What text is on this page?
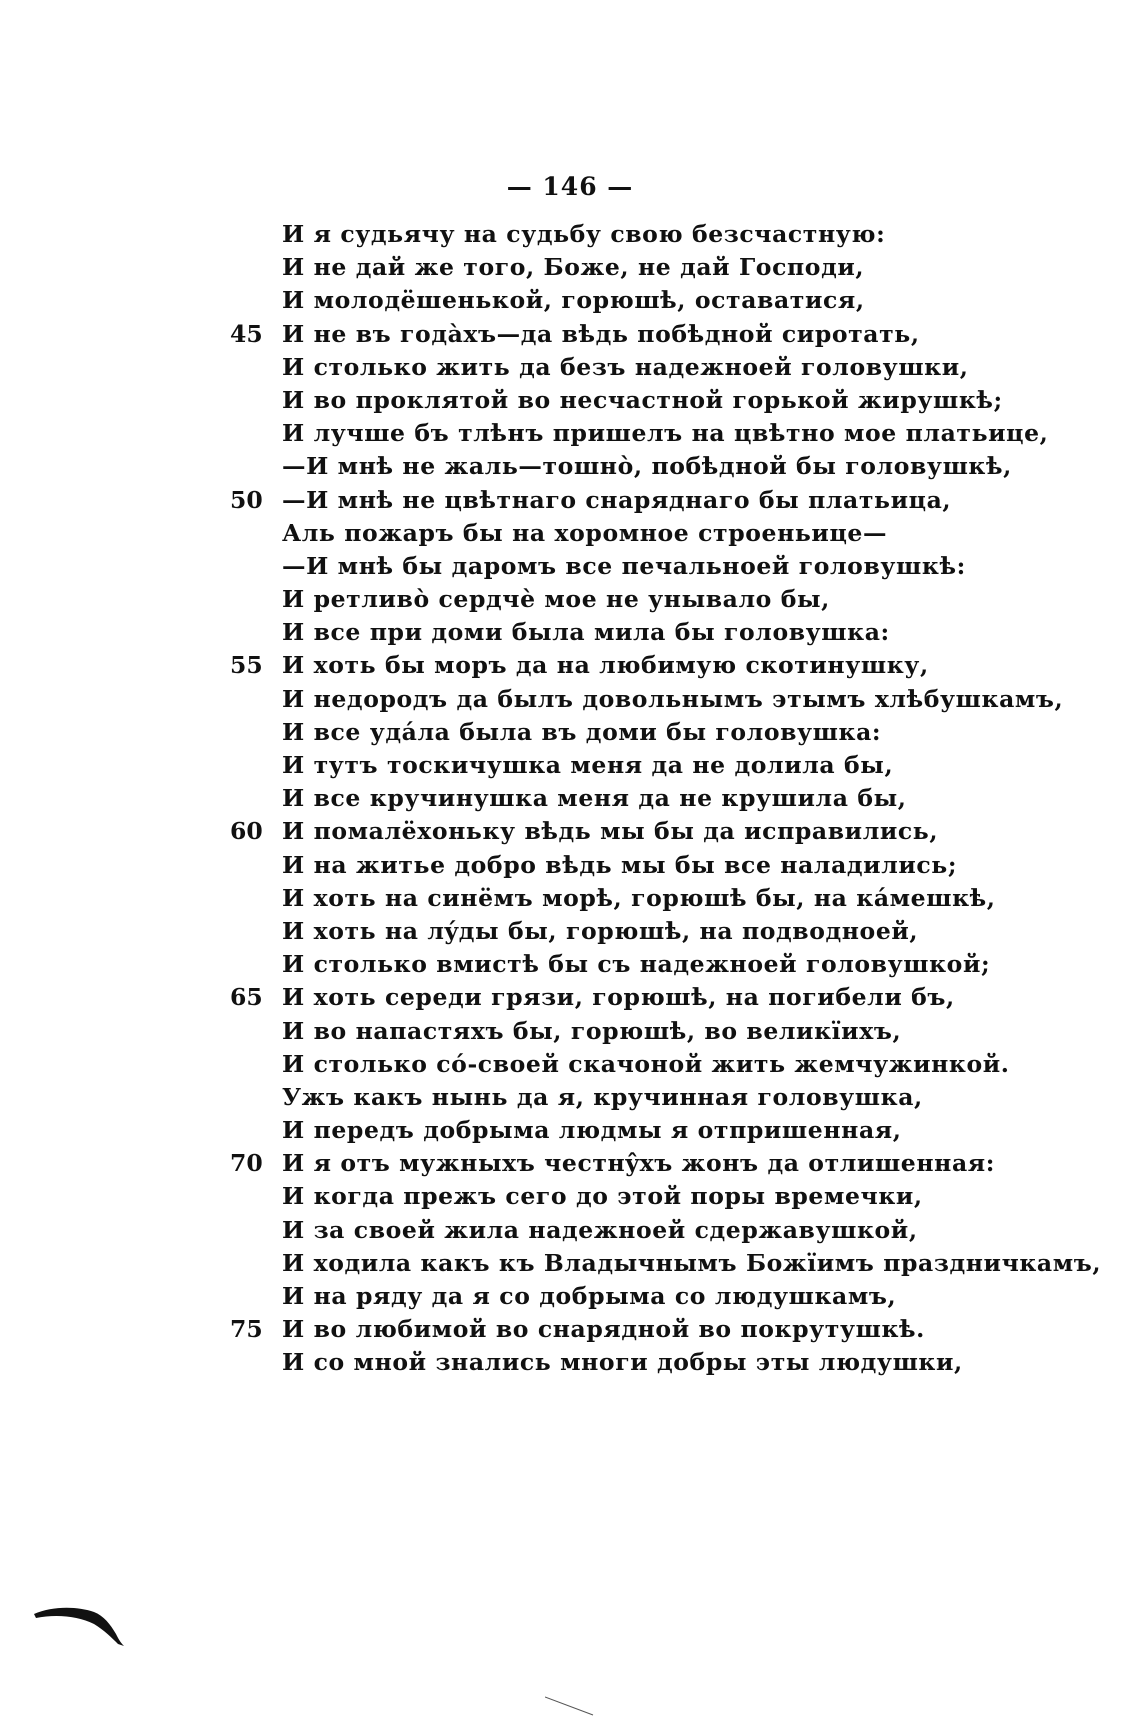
— 146 —
И я судьячу на судьбу свою безсчастную:
И не дай же того, Боже, не дай Господи,
И молодёшенькой, горюшѣ, оставатися,
45 И не въ годàхъ—да вѣдь побѣдной сиротать,
И столько жить да безъ надежноей головушки,
И во проклятой во несчастной горькой жирушкѣ;
И лучше бъ тлѣнъ пришелъ на цвѣтно мое платьице,
—И мнѣ не жаль—тошнò, побѣдной бы головушкѣ,
50 —И мнѣ не цвѣтнаго снаряднаго бы платьица,
Аль пожаръ бы на хоромное строеньице—
—И мнѣ бы даромъ все печальноей головушкѣ:
И ретливò сердчѐ мое не унывало бы,
И все при доми была мила бы головушка:
55 И хоть бы моръ да на любимую скотинушку,
И недородъ да былъ довольнымъ этымъ хлѣбушкамъ,
И все удáла была въ доми бы головушка:
И тутъ тоскичушка меня да не долила бы,
И все кручинушка меня да не крушила бы,
60 И помалёхоньку вѣдь мы бы да исправились,
И на житье добро вѣдь мы бы все наладились;
И хоть на синёмъ морѣ, горюшѣ бы, на кáмешкѣ,
И хоть на лýды бы, горюшѣ, на подводноей,
И столько вмистѣ бы съ надежноей головушкой;
65 И хоть середи грязи, горюшѣ, на погибели бъ,
И во напастяхъ бы, горюшѣ, во великïихъ,
И столько сó-своей скачоной жить жемчужинкой.
Ужъ какъ нынь да я, кручинная головушка,
И передъ добрыма людмы я отпришенная,
70 И я отъ мужныхъ честнŷхъ жонъ да отлишенная:
И когда прежъ сего до этой поры времечки,
И за своей жила надежноей сдержавушкой,
И ходила какъ къ Владычнымъ Божïимъ праздничкамъ,
И на ряду да я со добрыма со людушкамъ,
75 И во любимой во снарядной во покрутушкѣ.
И со мной знались многи добры эты людушки,
